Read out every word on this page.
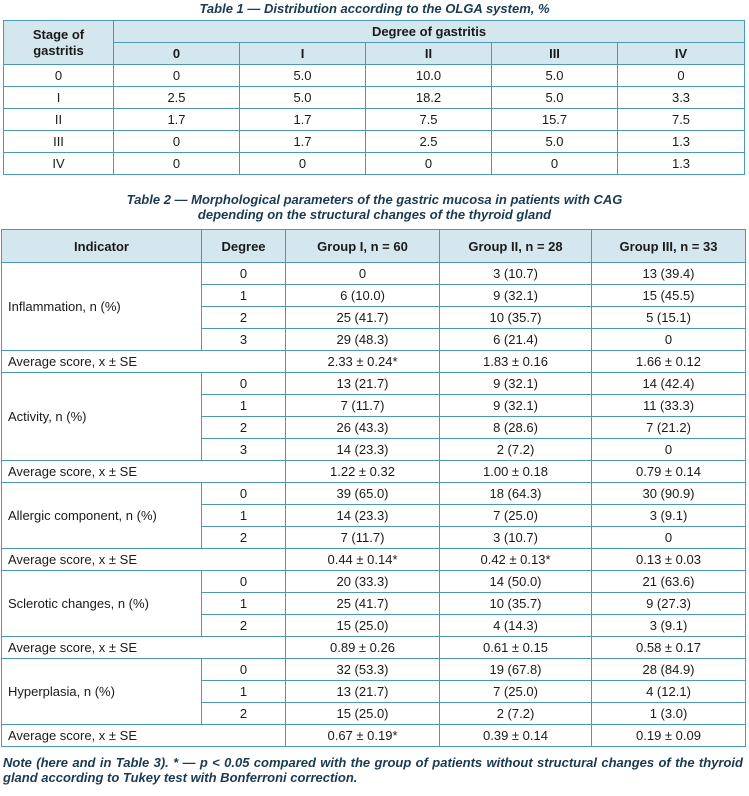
Table 1 — Distribution according to the OLGA system, %
Stage of gastritis	Degree of gastritis				
	0	I	II	III	IV
0	0	5.0	10.0	5.0	0
I	2.5	5.0	18.2	5.0	3.3
II	1.7	1.7	7.5	15.7	7.5
III	0	1.7	2.5	5.0	1.3
IV	0	0	0	0	1.3
Table 2 — Morphological parameters of the gastric mucosa in patients with CAG
depending on the structural changes of the thyroid gland
Indicator	Degree	Group I, n = 60	Group II, n = 28	Group III, n = 33
Inflammation, n (%)	0	0	3 (10.7)	13 (39.4)
	1	6 (10.0)	9 (32.1)	15 (45.5)
	2	25 (41.7)	10 (35.7)	5 (15.1)
	3	29 (48.3)	6 (21.4)	0
Average score, x ± SE		2.33 ± 0.24*	1.83 ± 0.16	1.66 ± 0.12
Activity, n (%)	0	13 (21.7)	9 (32.1)	14 (42.4)
	1	7 (11.7)	9 (32.1)	11 (33.3)
	2	26 (43.3)	8 (28.6)	7 (21.2)
	3	14 (23.3)	2 (7.2)	0
Average score, x ± SE		1.22 ± 0.32	1.00 ± 0.18	0.79 ± 0.14
Allergic component, n (%)	0	39 (65.0)	18 (64.3)	30 (90.9)
	1	14 (23.3)	7 (25.0)	3 (9.1)
	2	7 (11.7)	3 (10.7)	0
Average score, x ± SE		0.44 ± 0.14*	0.42 ± 0.13*	0.13 ± 0.03
Sclerotic changes, n (%)	0	20 (33.3)	14 (50.0)	21 (63.6)
	1	25 (41.7)	10 (35.7)	9 (27.3)
	2	15 (25.0)	4 (14.3)	3 (9.1)
Average score, x ± SE		0.89 ± 0.26	0.61 ± 0.15	0.58 ± 0.17
Hyperplasia, n (%)	0	32 (53.3)	19 (67.8)	28 (84.9)
	1	13 (21.7)	7 (25.0)	4 (12.1)
	2	15 (25.0)	2 (7.2)	1 (3.0)
Average score, x ± SE		0.67 ± 0.19*	0.39 ± 0.14	0.19 ± 0.09
Note (here and in Table 3). * — p < 0.05 compared with the group of patients without structural changes of the thyroid gland according to Tukey test with Bonferroni correction.
